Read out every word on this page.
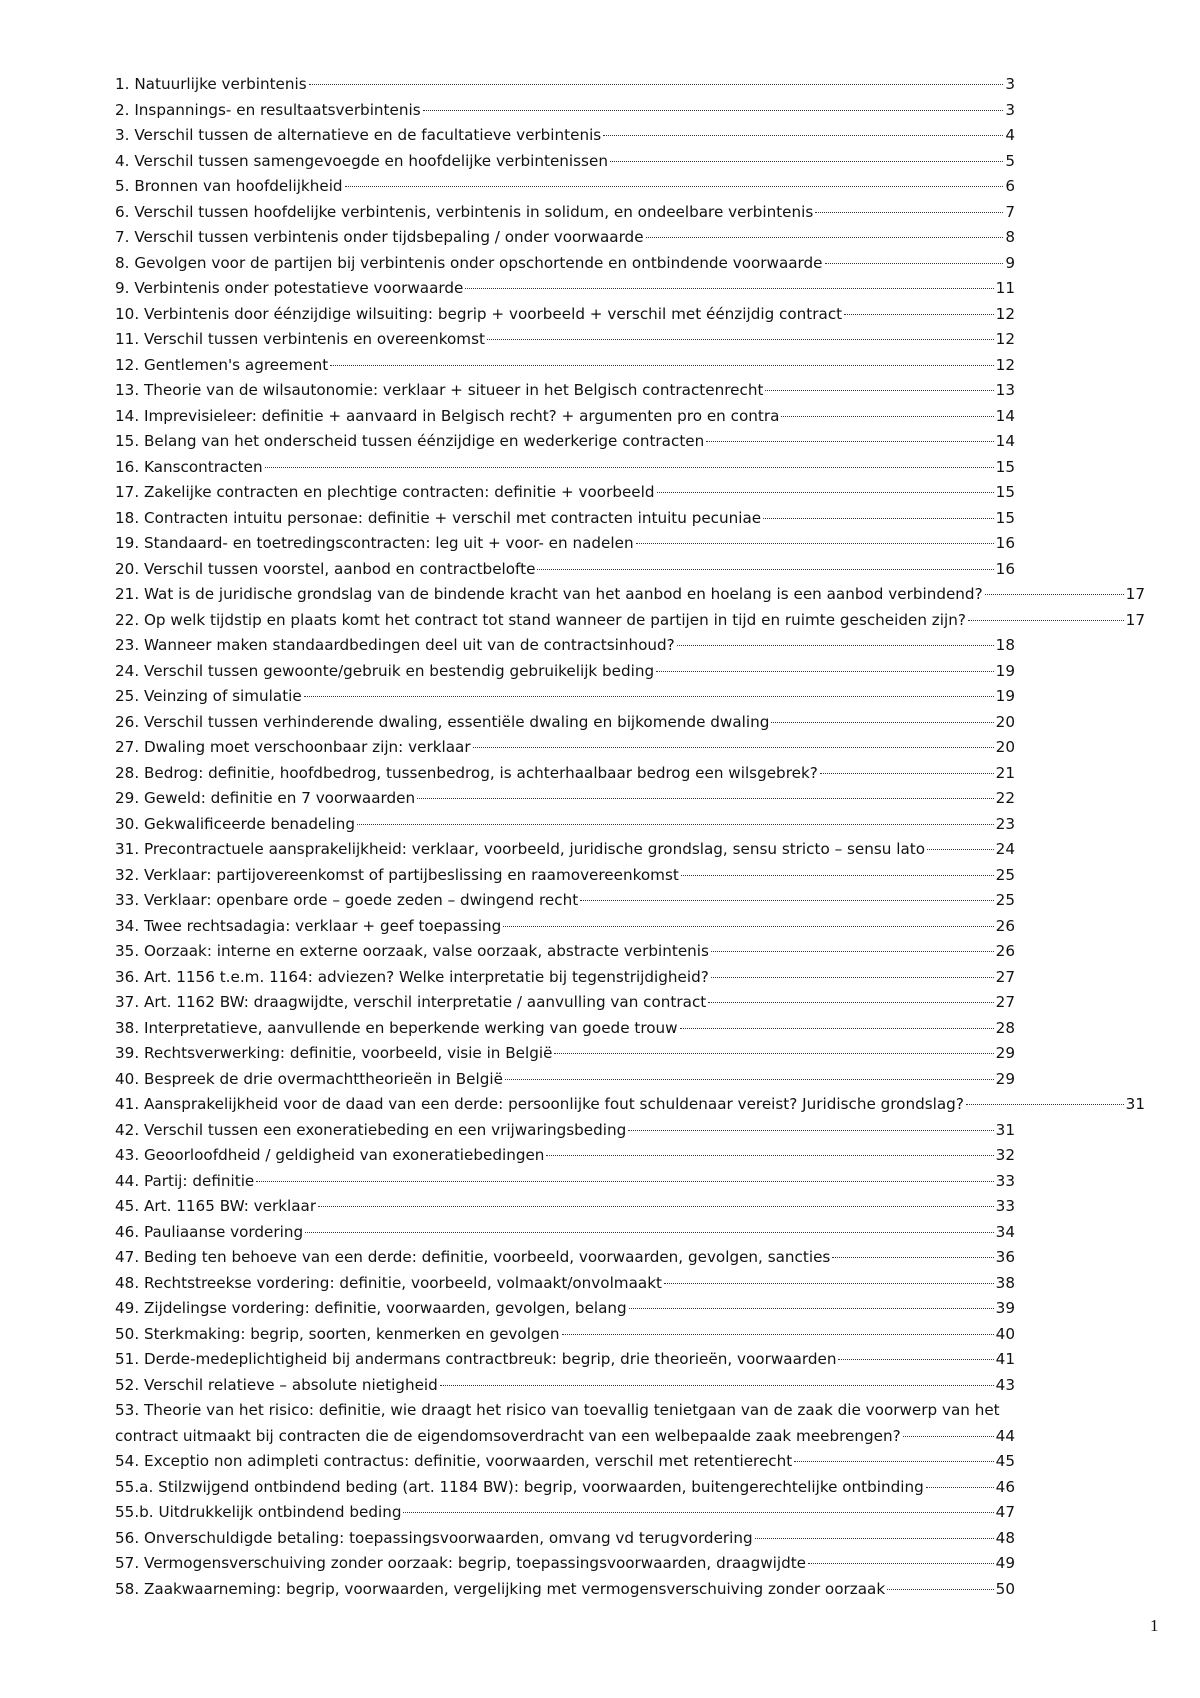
1. Natuurlijke verbintenis	3
2. Inspannings- en resultaatsverbintenis	3
3. Verschil tussen de alternatieve en de facultatieve verbintenis	4
4. Verschil tussen samengevoegde en hoofdelijke verbintenissen	5
5. Bronnen van hoofdelijkheid	6
6. Verschil tussen hoofdelijke verbintenis, verbintenis in solidum, en ondeelbare verbintenis	7
7. Verschil tussen verbintenis onder tijdsbepaling / onder voorwaarde	8
8. Gevolgen voor de partijen bij verbintenis onder opschortende en ontbindende voorwaarde	9
9. Verbintenis onder potestatieve voorwaarde	11
10. Verbintenis door éénzijdige wilsuiting: begrip + voorbeeld + verschil met éénzijdig contract	12
11. Verschil tussen verbintenis en overeenkomst	12
12. Gentlemen's agreement	12
13. Theorie van de wilsautonomie: verklaar + situeer in het Belgisch contractenrecht	13
14. Imprevisieleer: definitie + aanvaard in Belgisch recht? + argumenten pro en contra	14
15. Belang van het onderscheid tussen éénzijdige en wederkerige contracten	14
16. Kanscontracten	15
17. Zakelijke contracten en plechtige contracten: definitie + voorbeeld	15
18. Contracten intuitu personae: definitie + verschil met contracten intuitu pecuniae	15
19. Standaard- en toetredingscontracten: leg uit + voor- en nadelen	16
20. Verschil tussen voorstel, aanbod en contractbelofte	16
21. Wat is de juridische grondslag van de bindende kracht van het aanbod en hoelang is een aanbod verbindend?	17
22. Op welk tijdstip en plaats komt het contract tot stand wanneer de partijen in tijd en ruimte gescheiden zijn?	17
23. Wanneer maken standaardbedingen deel uit van de contractsinhoud?	18
24. Verschil tussen gewoonte/gebruik en bestendig gebruikelijk beding	19
25. Veinzing of simulatie	19
26. Verschil tussen verhinderende dwaling, essentiële dwaling en bijkomende dwaling	20
27. Dwaling moet verschoonbaar zijn: verklaar	20
28. Bedrog: definitie, hoofdbedrog, tussenbedrog, is achterhaalbaar bedrog een wilsgebrek?	21
29. Geweld: definitie en 7 voorwaarden	22
30. Gekwalificeerde benadeling	23
31. Precontractuele aansprakelijkheid: verklaar, voorbeeld, juridische grondslag, sensu stricto – sensu lato	24
32. Verklaar: partijovereenkomst of partijbeslissing en raamovereenkomst	25
33. Verklaar: openbare orde – goede zeden – dwingend recht	25
34. Twee rechtsadagia: verklaar + geef toepassing	26
35. Oorzaak: interne en externe oorzaak, valse oorzaak, abstracte verbintenis	26
36. Art. 1156 t.e.m. 1164: adviezen? Welke interpretatie bij tegenstrijdigheid?	27
37. Art. 1162 BW: draagwijdte, verschil interpretatie / aanvulling van contract	27
38. Interpretatieve, aanvullende en beperkende werking van goede trouw	28
39. Rechtsverwerking: definitie, voorbeeld, visie in België	29
40. Bespreek de drie overmachttheorieën in België	29
41. Aansprakelijkheid voor de daad van een derde: persoonlijke fout schuldenaar vereist? Juridische grondslag?	31
42. Verschil tussen een exoneratiebeding en een vrijwaringsbeding	31
43. Geoorloofdheid / geldigheid van exoneratiebedingen	32
44. Partij: definitie	33
45. Art. 1165 BW: verklaar	33
46. Pauliaanse vordering	34
47. Beding ten behoeve van een derde: definitie, voorbeeld, voorwaarden, gevolgen, sancties	36
48. Rechtstreekse vordering: definitie, voorbeeld, volmaakt/onvolmaakt	38
49. Zijdelingse vordering: definitie, voorwaarden, gevolgen, belang	39
50. Sterkmaking: begrip, soorten, kenmerken en gevolgen	40
51. Derde-medeplichtigheid bij andermans contractbreuk: begrip, drie theorieën, voorwaarden	41
52. Verschil relatieve – absolute nietigheid	43
53. Theorie van het risico: definitie, wie draagt het risico van toevallig tenietgaan van de zaak die voorwerp van het
contract uitmaakt bij contracten die de eigendomsoverdracht van een welbepaalde zaak meebrengen?	44
54. Exceptio non adimpleti contractus: definitie, voorwaarden, verschil met retentierecht	45
55.a. Stilzwijgend ontbindend beding (art. 1184 BW): begrip, voorwaarden, buitengerechtelijke ontbinding	46
55.b. Uitdrukkelijk ontbindend beding	47
56. Onverschuldigde betaling: toepassingsvoorwaarden, omvang vd terugvordering	48
57. Vermogensverschuiving zonder oorzaak: begrip, toepassingsvoorwaarden, draagwijdte	49
58. Zaakwaarneming: begrip, voorwaarden, vergelijking met vermogensverschuiving zonder oorzaak	50
1
